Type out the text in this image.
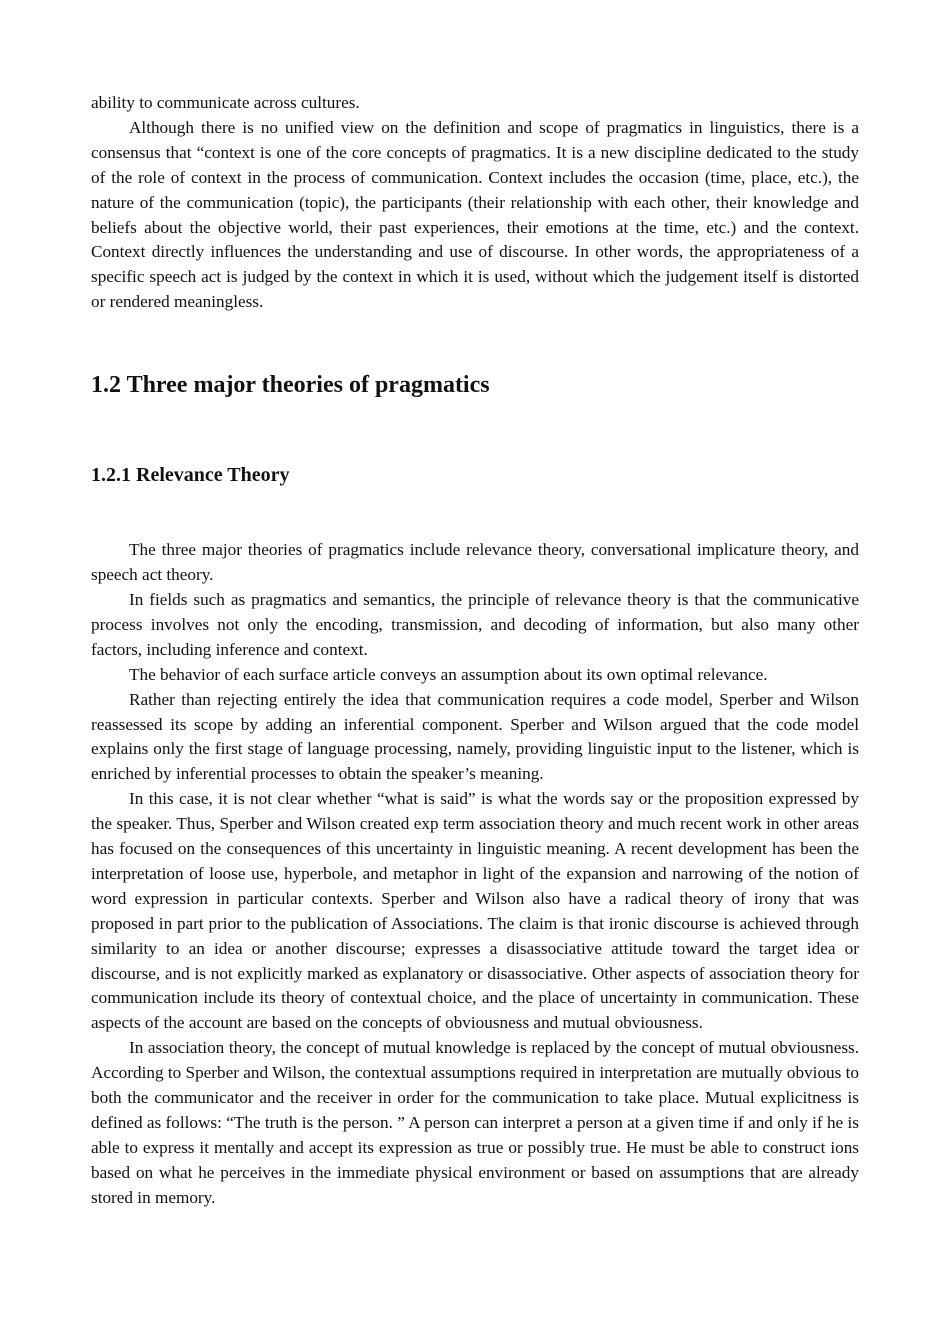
ability to communicate across cultures.

Although there is no unified view on the definition and scope of pragmatics in linguistics, there is a consensus that “context is one of the core concepts of pragmatics. It is a new discipline dedicated to the study of the role of context in the process of communication. Context includes the occasion (time, place, etc.), the nature of the communication (topic), the participants (their relationship with each other, their knowledge and beliefs about the objective world, their past experiences, their emotions at the time, etc.) and the context. Context directly influences the understanding and use of discourse. In other words, the appropriateness of a specific speech act is judged by the context in which it is used, without which the judgement itself is distorted or rendered meaningless.

1.2 Three major theories of pragmatics
1.2.1 Relevance Theory

The three major theories of pragmatics include relevance theory, conversational implicature theory, and speech act theory.

In fields such as pragmatics and semantics, the principle of relevance theory is that the communicative process involves not only the encoding, transmission, and decoding of information, but also many other factors, including inference and context.

The behavior of each surface article conveys an assumption about its own optimal relevance.

Rather than rejecting entirely the idea that communication requires a code model, Sperber and Wilson reassessed its scope by adding an inferential component. Sperber and Wilson argued that the code model explains only the first stage of language processing, namely, providing linguistic input to the listener, which is enriched by inferential processes to obtain the speaker’s meaning.

In this case, it is not clear whether “what is said” is what the words say or the proposition expressed by the speaker. Thus, Sperber and Wilson created exp term association theory and much recent work in other areas has focused on the consequences of this uncertainty in linguistic meaning. A recent development has been the interpretation of loose use, hyperbole, and metaphor in light of the expansion and narrowing of the notion of word expression in particular contexts. Sperber and Wilson also have a radical theory of irony that was proposed in part prior to the publication of Associations. The claim is that ironic discourse is achieved through similarity to an idea or another discourse; expresses a disassociative attitude toward the target idea or discourse, and is not explicitly marked as explanatory or disassociative. Other aspects of association theory for communication include its theory of contextual choice, and the place of uncertainty in communication. These aspects of the account are based on the concepts of obviousness and mutual obviousness.

In association theory, the concept of mutual knowledge is replaced by the concept of mutual obviousness. According to Sperber and Wilson, the contextual assumptions required in interpretation are mutually obvious to both the communicator and the receiver in order for the communication to take place. Mutual explicitness is defined as follows: “The truth is the person. ” A person can interpret a person at a given time if and only if he is able to express it mentally and accept its expression as true or possibly true. He must be able to construct ions based on what he perceives in the immediate physical environment or based on assumptions that are already stored in memory.
